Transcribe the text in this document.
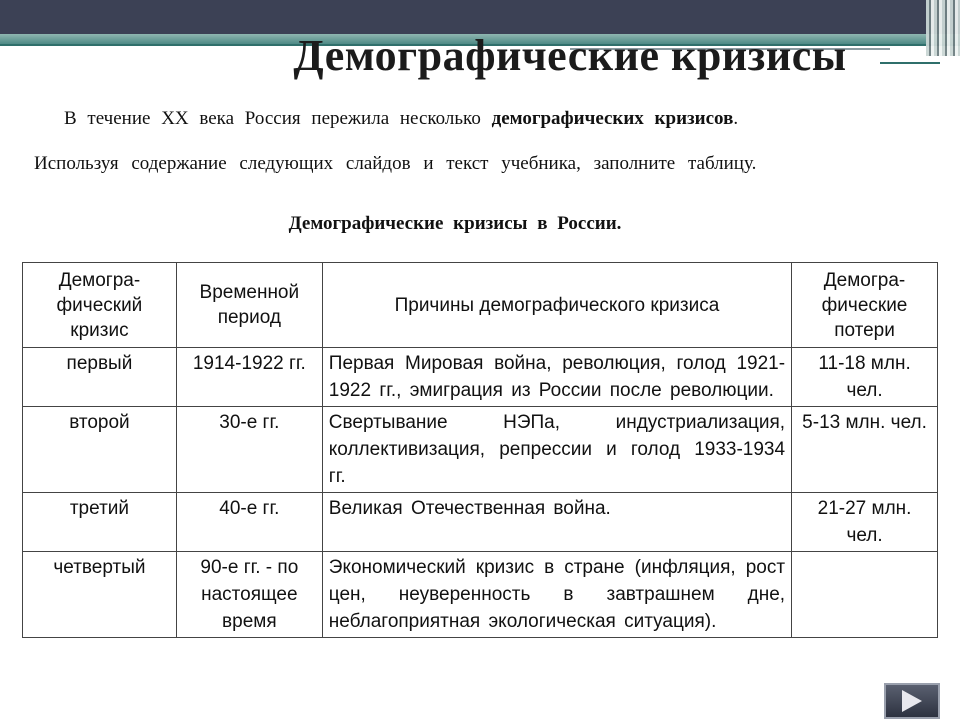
Демографические кризисы
В течение XX века Россия пережила несколько демографических кризисов.
Используя содержание следующих слайдов и текст учебника, заполните таблицу.
Демографические кризисы в России.
Демогра-фический кризис	Временной период	Причины демографического кризиса	Демогра-фические потери
первый	1914-1922 гг.	Первая Мировая война, революция, голод 1921-1922 гг., эмиграция из России после революции.	11-18 млн. чел.
второй	30-е гг.	Свертывание НЭПа, индустриализация, коллективизация, репрессии и голод 1933-1934 гг.	5-13 млн. чел.
третий	40-е гг.	Великая Отечественная война.	21-27 млн. чел.
четвертый	90-е гг. - по настоящее время	Экономический кризис в стране (инфляция, рост цен, неуверенность в завтрашнем дне, неблагоприятная экологическая ситуация).	
